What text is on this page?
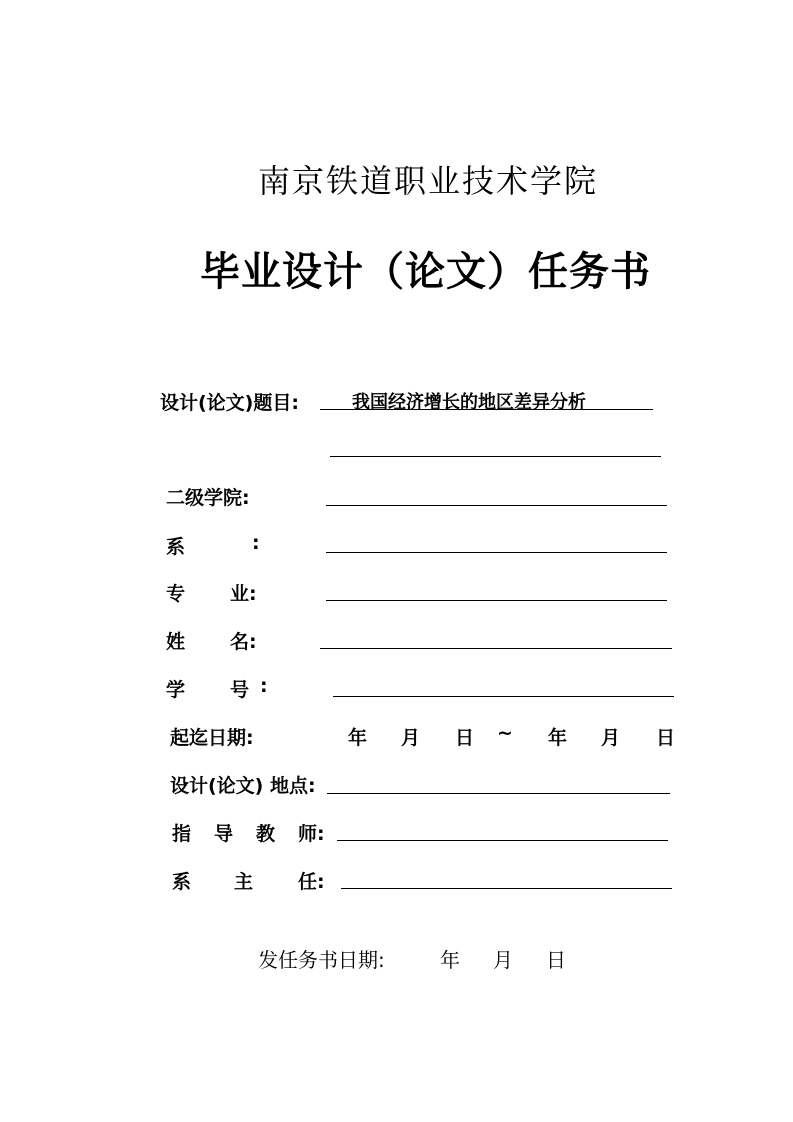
南京铁道职业技术学院
毕业设计（论文）任务书
设计(论文)题目:	我国经济增长的地区差异分析
二级学院:
系	:
专 业:
姓 名:
学 号 :
起迄日期:	年 月 日 ~ 年 月 日
设计(论文) 地点:
指 导 教 师:
系 主 任:
发任务书日期:	年 月 日
